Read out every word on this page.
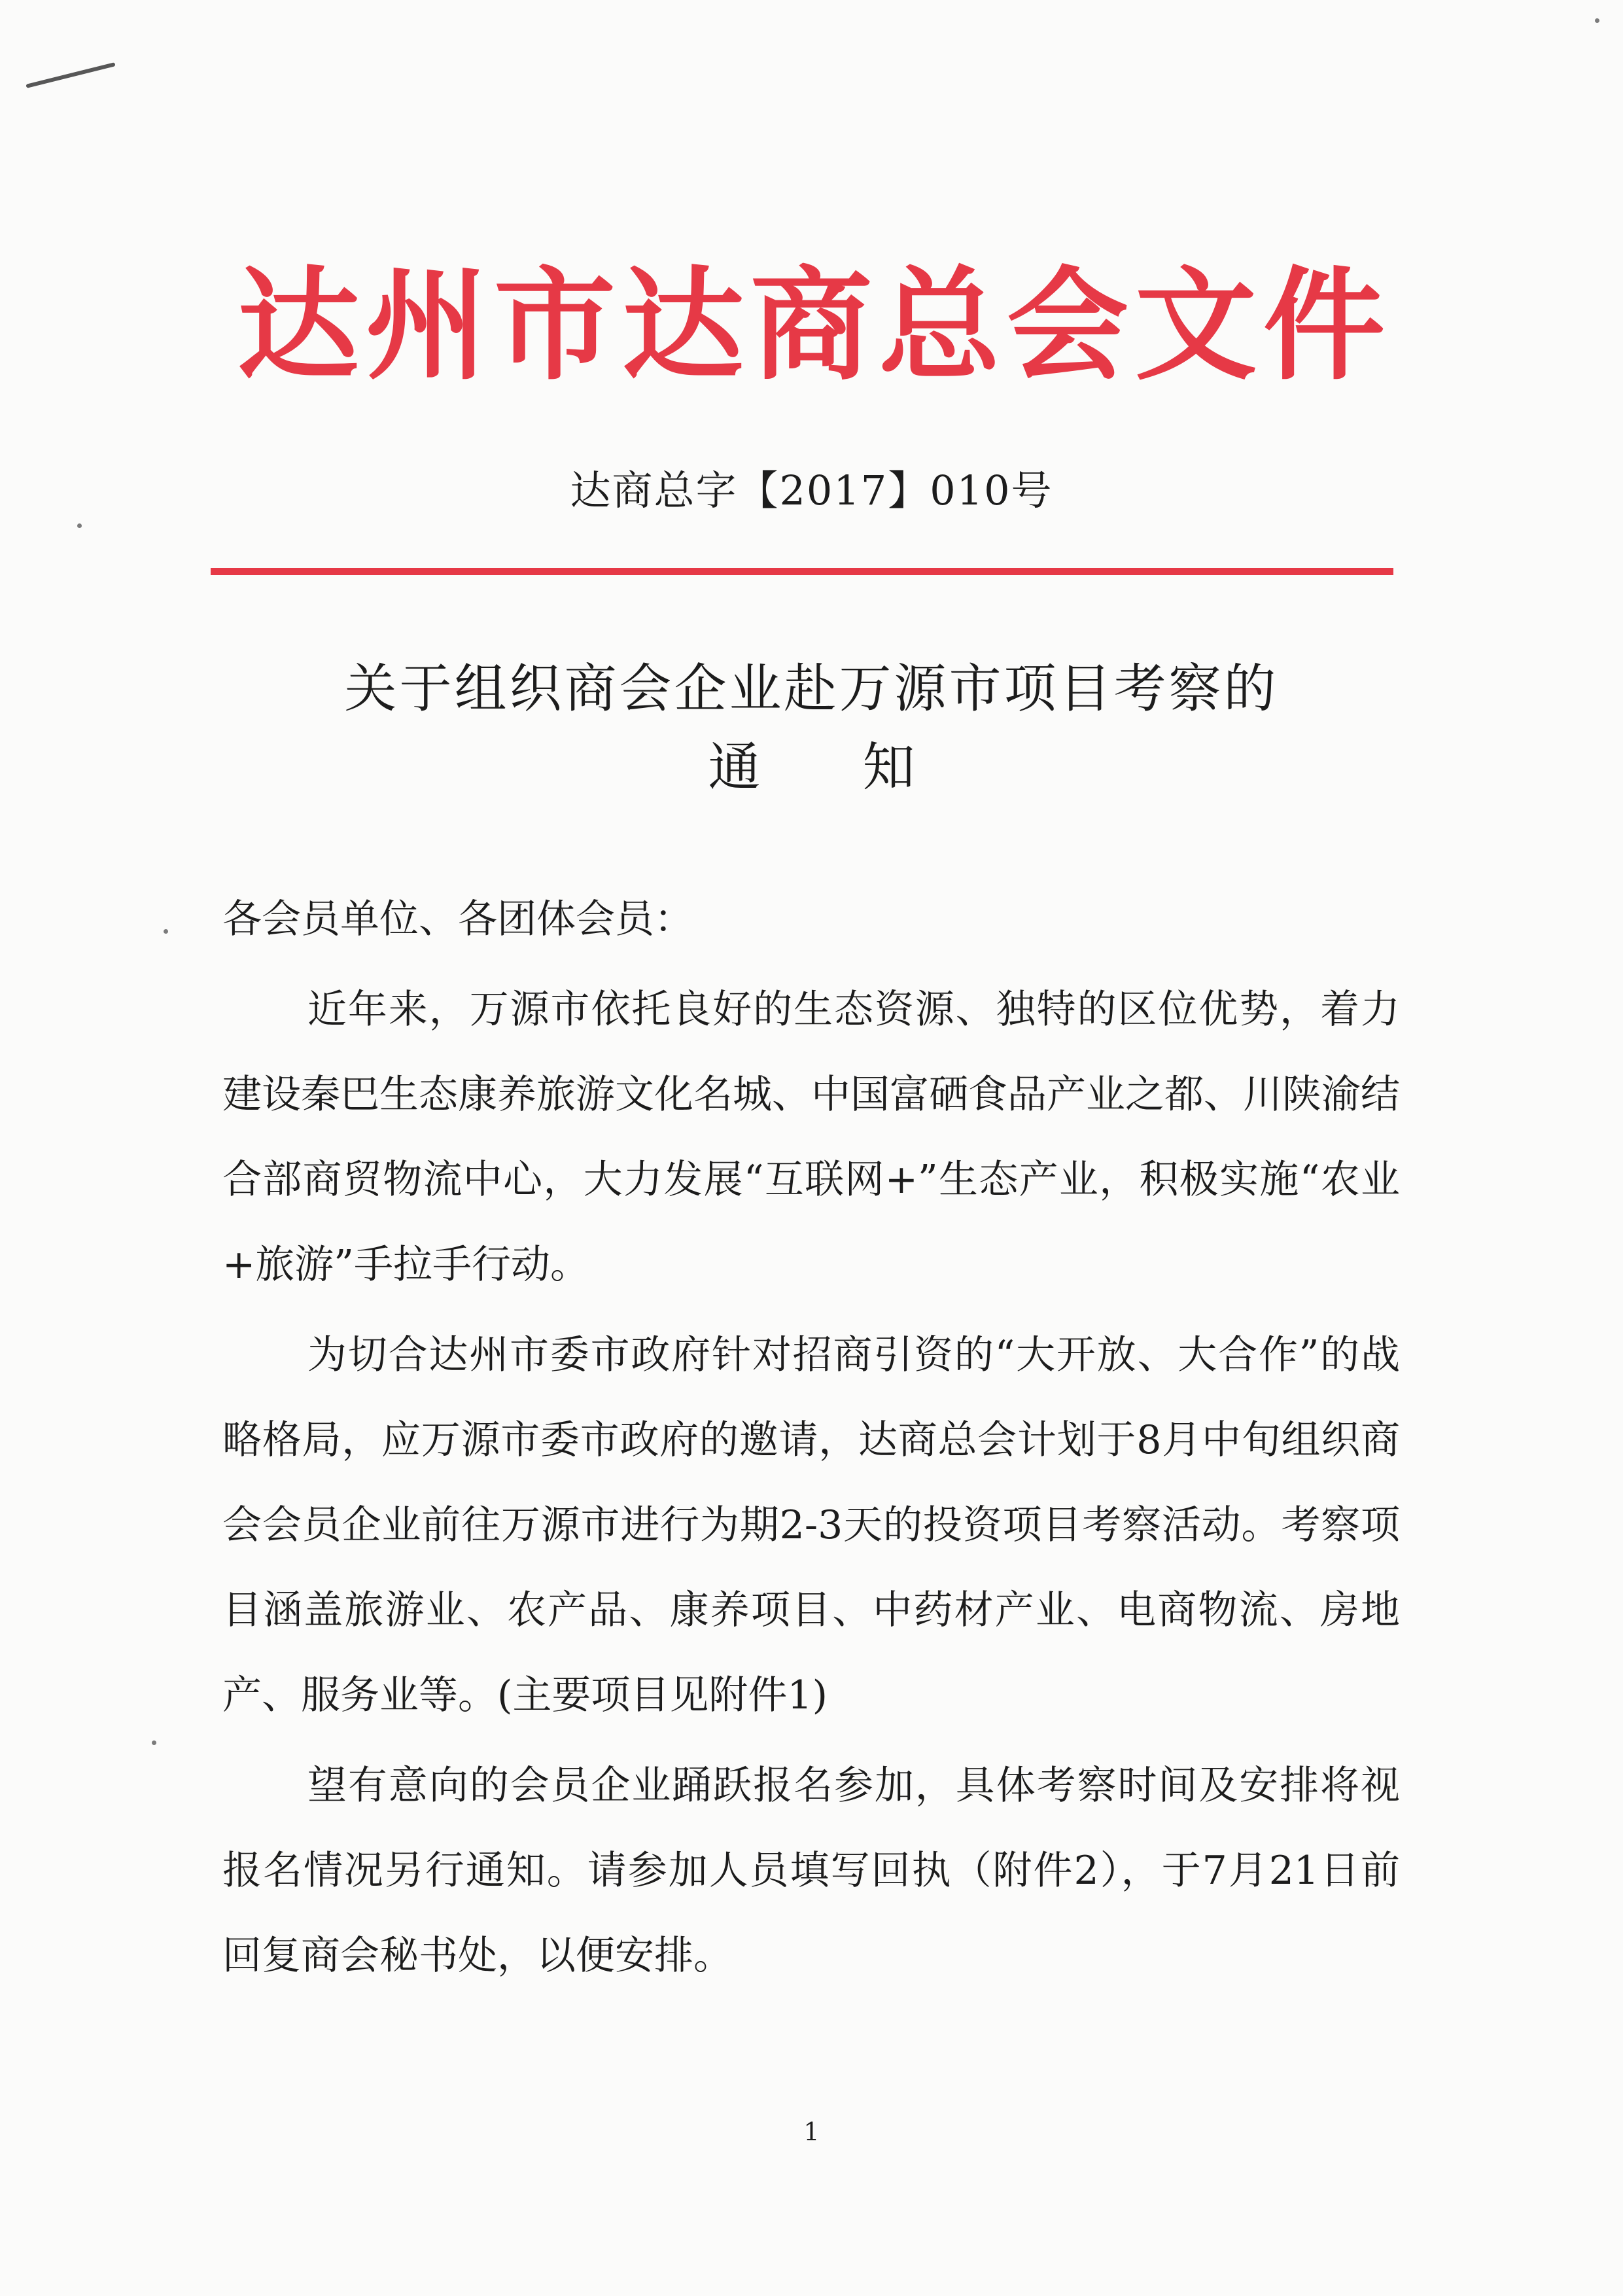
达州市达商总会文件
达商总字【2017】010号
关于组织商会企业赴万源市项目考察的
通 知

各会员单位、各团体会员：

近年来，万源市依托良好的生态资源、独特的区位优势，着力建设秦巴生态康养旅游文化名城、中国富硒食品产业之都、川陕渝结合部商贸物流中心，大力发展“互联网+”生态产业，积极实施“农业+旅游”手拉手行动。

为切合达州市委市政府针对招商引资的“大开放、大合作”的战略格局，应万源市委市政府的邀请，达商总会计划于8月中旬组织商会会员企业前往万源市进行为期2-3天的投资项目考察活动。考察项目涵盖旅游业、农产品、康养项目、中药材产业、电商物流、房地产、服务业等。(主要项目见附件1)

望有意向的会员企业踊跃报名参加，具体考察时间及安排将视报名情况另行通知。请参加人员填写回执（附件2），于7月21日前回复商会秘书处，以便安排。

1
